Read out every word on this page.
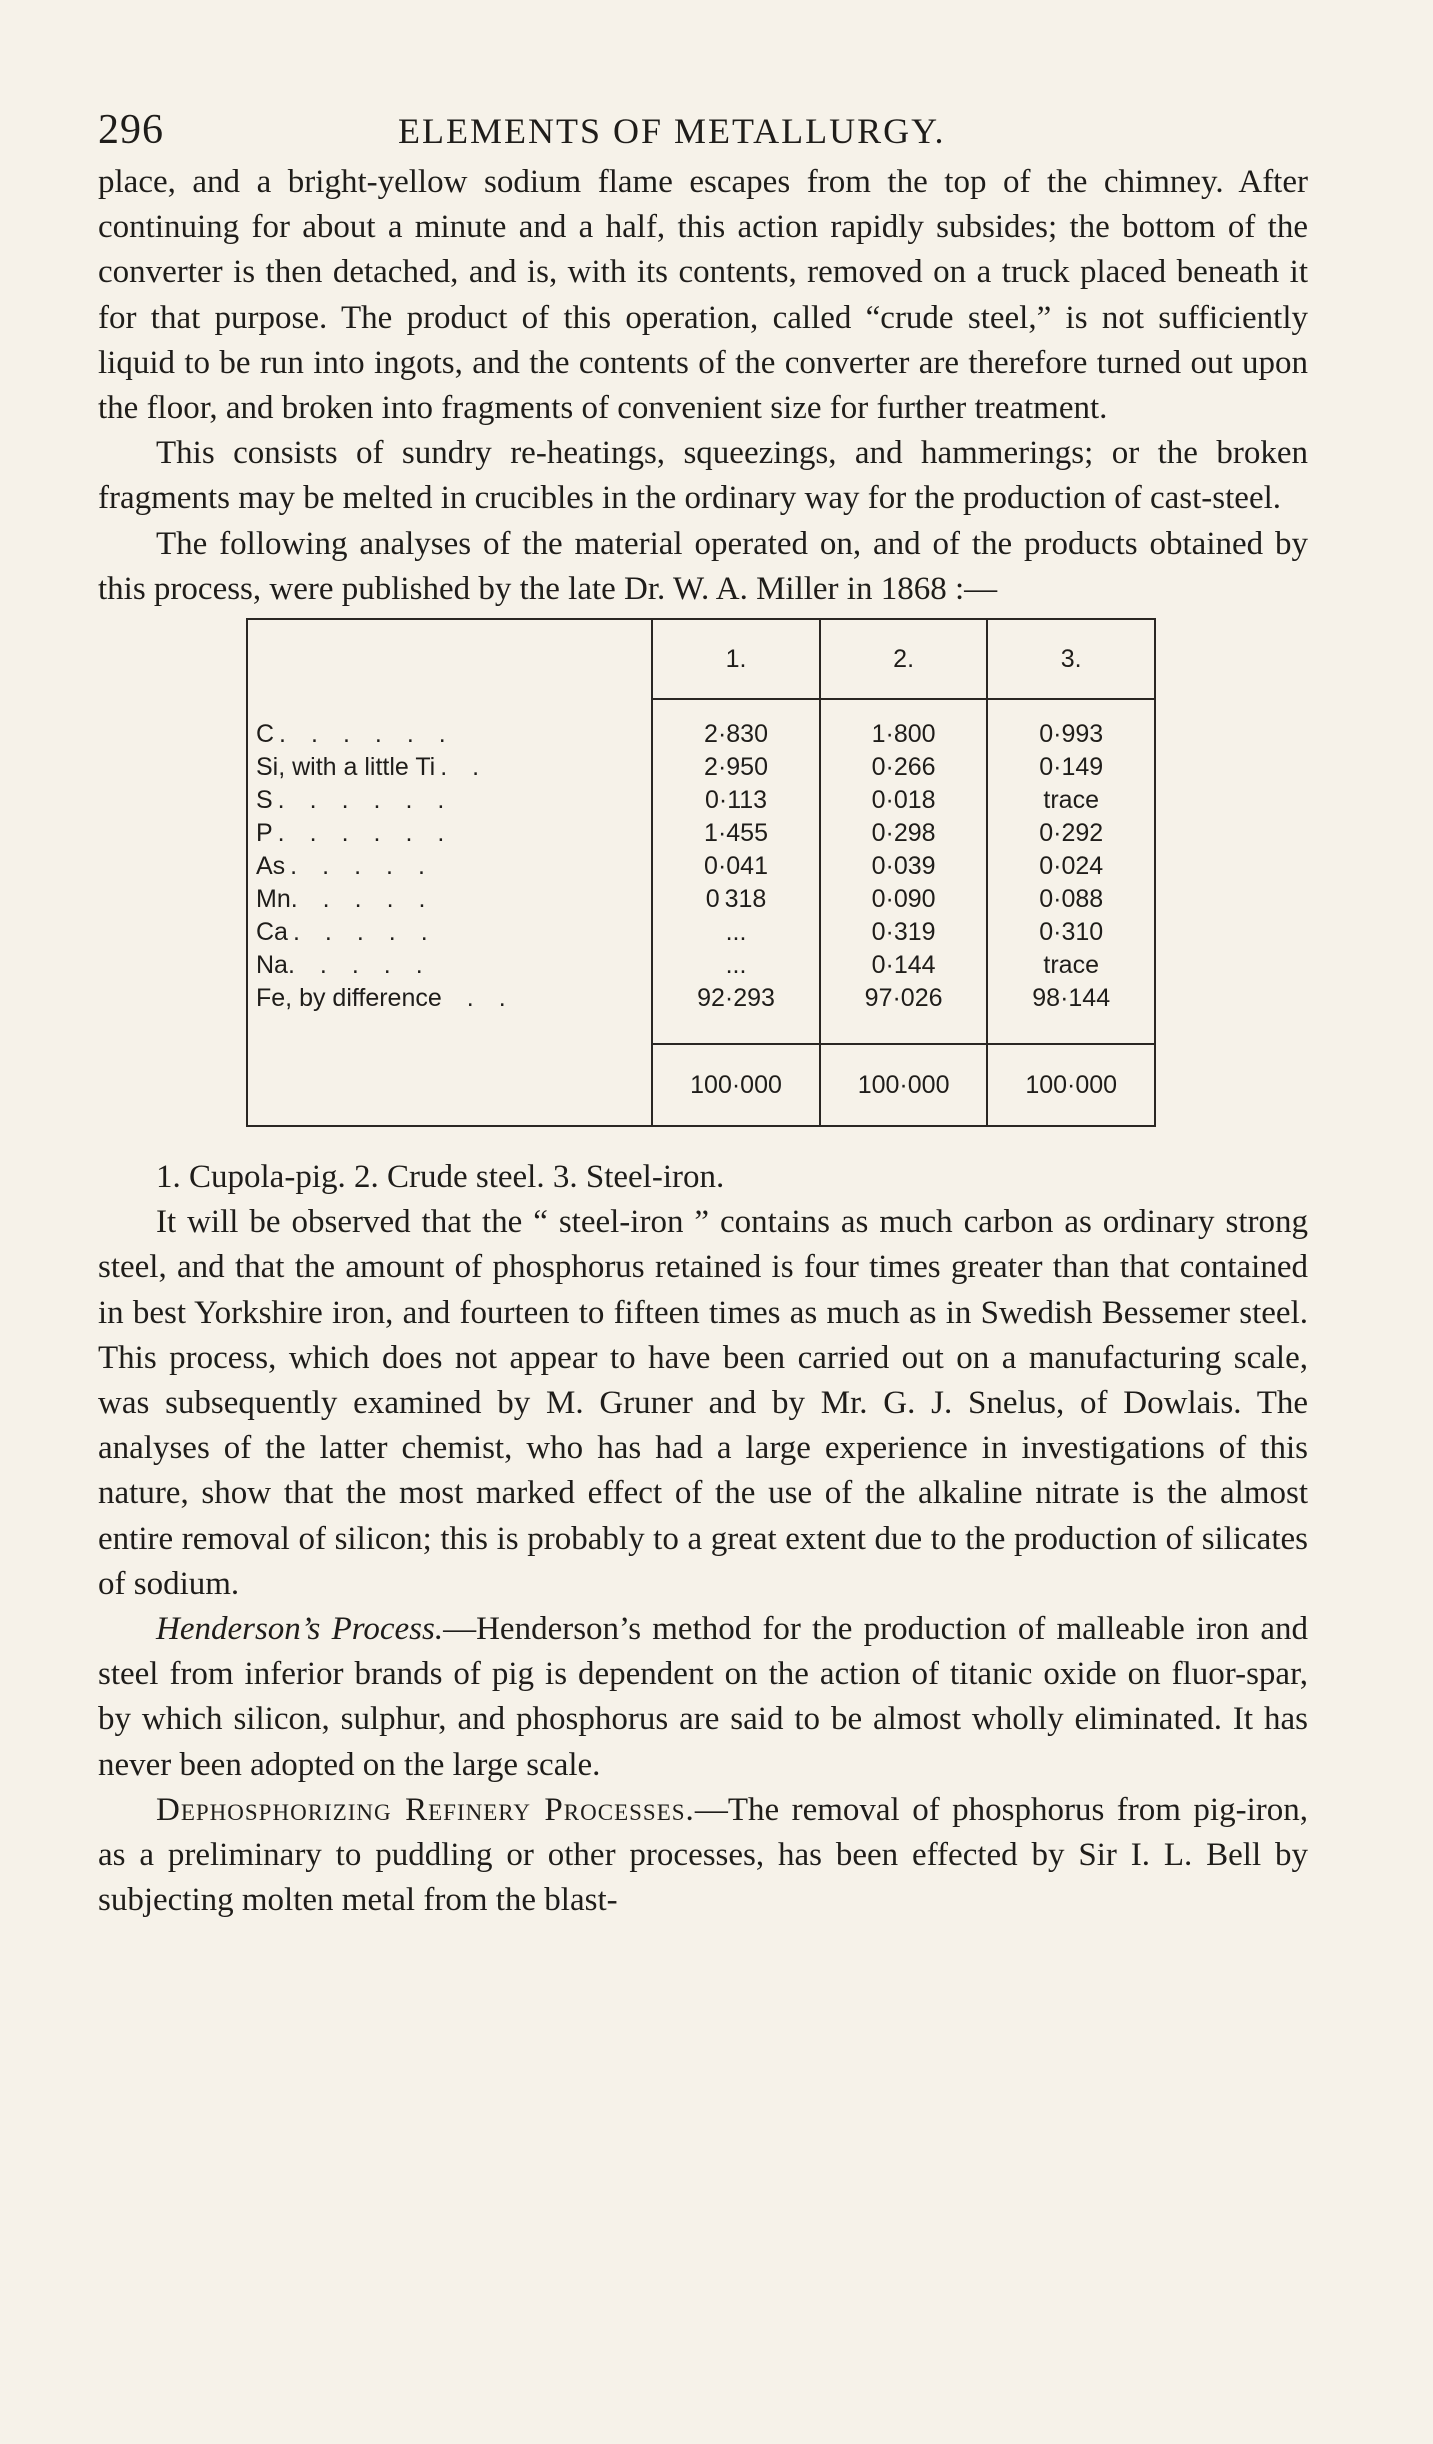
296	ELEMENTS OF METALLURGY.

place, and a bright-yellow sodium flame escapes from the top of the chimney. After continuing for about a minute and a half, this action rapidly subsides; the bottom of the converter is then detached, and is, with its contents, removed on a truck placed beneath it for that purpose. The product of this operation, called “crude steel,” is not sufficiently liquid to be run into ingots, and the contents of the converter are therefore turned out upon the floor, and broken into fragments of convenient size for further treatment.

This consists of sundry re-heatings, squeezings, and hammerings; or the broken fragments may be melted in crucibles in the ordinary way for the production of cast-steel.

The following analyses of the material operated on, and of the products obtained by this process, were published by the late Dr. W. A. Miller in 1868 :—

	1.	2.	3.

C . . . . . .	2·830	1·800	0·993
Si, with a little Ti . .	2·950	0·266	0·149
S . . . . . .	0·113	0·018	trace
P . . . . . .	1·455	0·298	0·292
As . . . . .	0·041	0·039	0·024
Mn. . . . .	0 318	0·090	0·088
Ca . . . . .	...	0·319	0·310
Na. . . . .	...	0·144	trace
Fe, by difference . .	92·293	97·026	98·144

	100·000	100·000	100·000

1. Cupola-pig. 2. Crude steel. 3. Steel-iron.

It will be observed that the “ steel-iron ” contains as much carbon as ordinary strong steel, and that the amount of phosphorus retained is four times greater than that contained in best Yorkshire iron, and fourteen to fifteen times as much as in Swedish Bessemer steel. This process, which does not appear to have been carried out on a manufacturing scale, was subsequently examined by M. Gruner and by Mr. G. J. Snelus, of Dowlais. The analyses of the latter chemist, who has had a large experience in investigations of this nature, show that the most marked effect of the use of the alkaline nitrate is the almost entire removal of silicon; this is probably to a great extent due to the production of silicates of sodium.

Henderson’s Process.—Henderson’s method for the production of malleable iron and steel from inferior brands of pig is dependent on the action of titanic oxide on fluor-spar, by which silicon, sulphur, and phosphorus are said to be almost wholly eliminated. It has never been adopted on the large scale.

Dephosphorizing Refinery Processes.—The removal of phosphorus from pig-iron, as a preliminary to puddling or other processes, has been effected by Sir I. L. Bell by subjecting molten metal from the blast-
